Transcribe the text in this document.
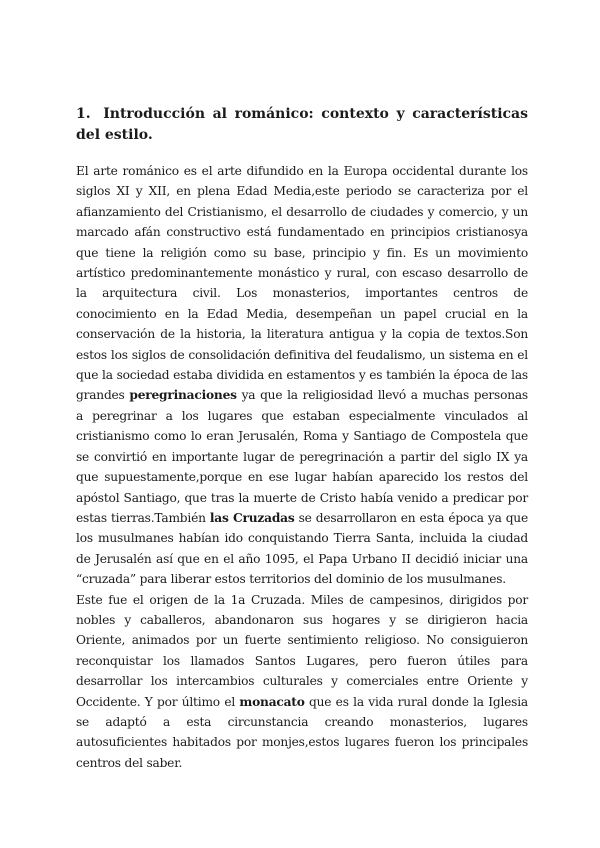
1. Introducción al románico: contexto y características del estilo.

El arte románico es el arte difundido en la Europa occidental durante los siglos XI y XII, en plena Edad Media,este periodo se caracteriza por el afianzamiento del Cristianismo, el desarrollo de ciudades y comercio, y un marcado afán constructivo está fundamentado en principios cristianosya que tiene la religión como su base, principio y fin. Es un movimiento artístico predominantemente monástico y rural, con escaso desarrollo de la arquitectura civil. Los monasterios, importantes centros de conocimiento en la Edad Media, desempeñan un papel crucial en la conservación de la historia, la literatura antigua y la copia de textos.Son estos los siglos de consolidación definitiva del feudalismo, un sistema en el que la sociedad estaba dividida en estamentos y es también la época de las grandes peregrinaciones ya que la religiosidad llevó a muchas personas a peregrinar a los lugares que estaban especialmente vinculados al cristianismo como lo eran Jerusalén, Roma y Santiago de Compostela que se convirtió en importante lugar de peregrinación a partir del siglo IX ya que supuestamente,porque en ese lugar habían aparecido los restos del apóstol Santiago, que tras la muerte de Cristo había venido a predicar por estas tierras.También las Cruzadas se desarrollaron en esta época ya que los musulmanes habían ido conquistando Tierra Santa, incluida la ciudad de Jerusalén así que en el año 1095, el Papa Urbano II decidió iniciar una “cruzada” para liberar estos territorios del dominio de los musulmanes.

Este fue el origen de la 1a Cruzada. Miles de campesinos, dirigidos por nobles y caballeros, abandonaron sus hogares y se dirigieron hacia Oriente, animados por un fuerte sentimiento religioso. No consiguieron reconquistar los llamados Santos Lugares, pero fueron útiles para desarrollar los intercambios culturales y comerciales entre Oriente y Occidente. Y por último el monacato que es la vida rural donde la Iglesia se adaptó a esta circunstancia creando monasterios, lugares autosuficientes habitados por monjes,estos lugares fueron los principales centros del saber.
